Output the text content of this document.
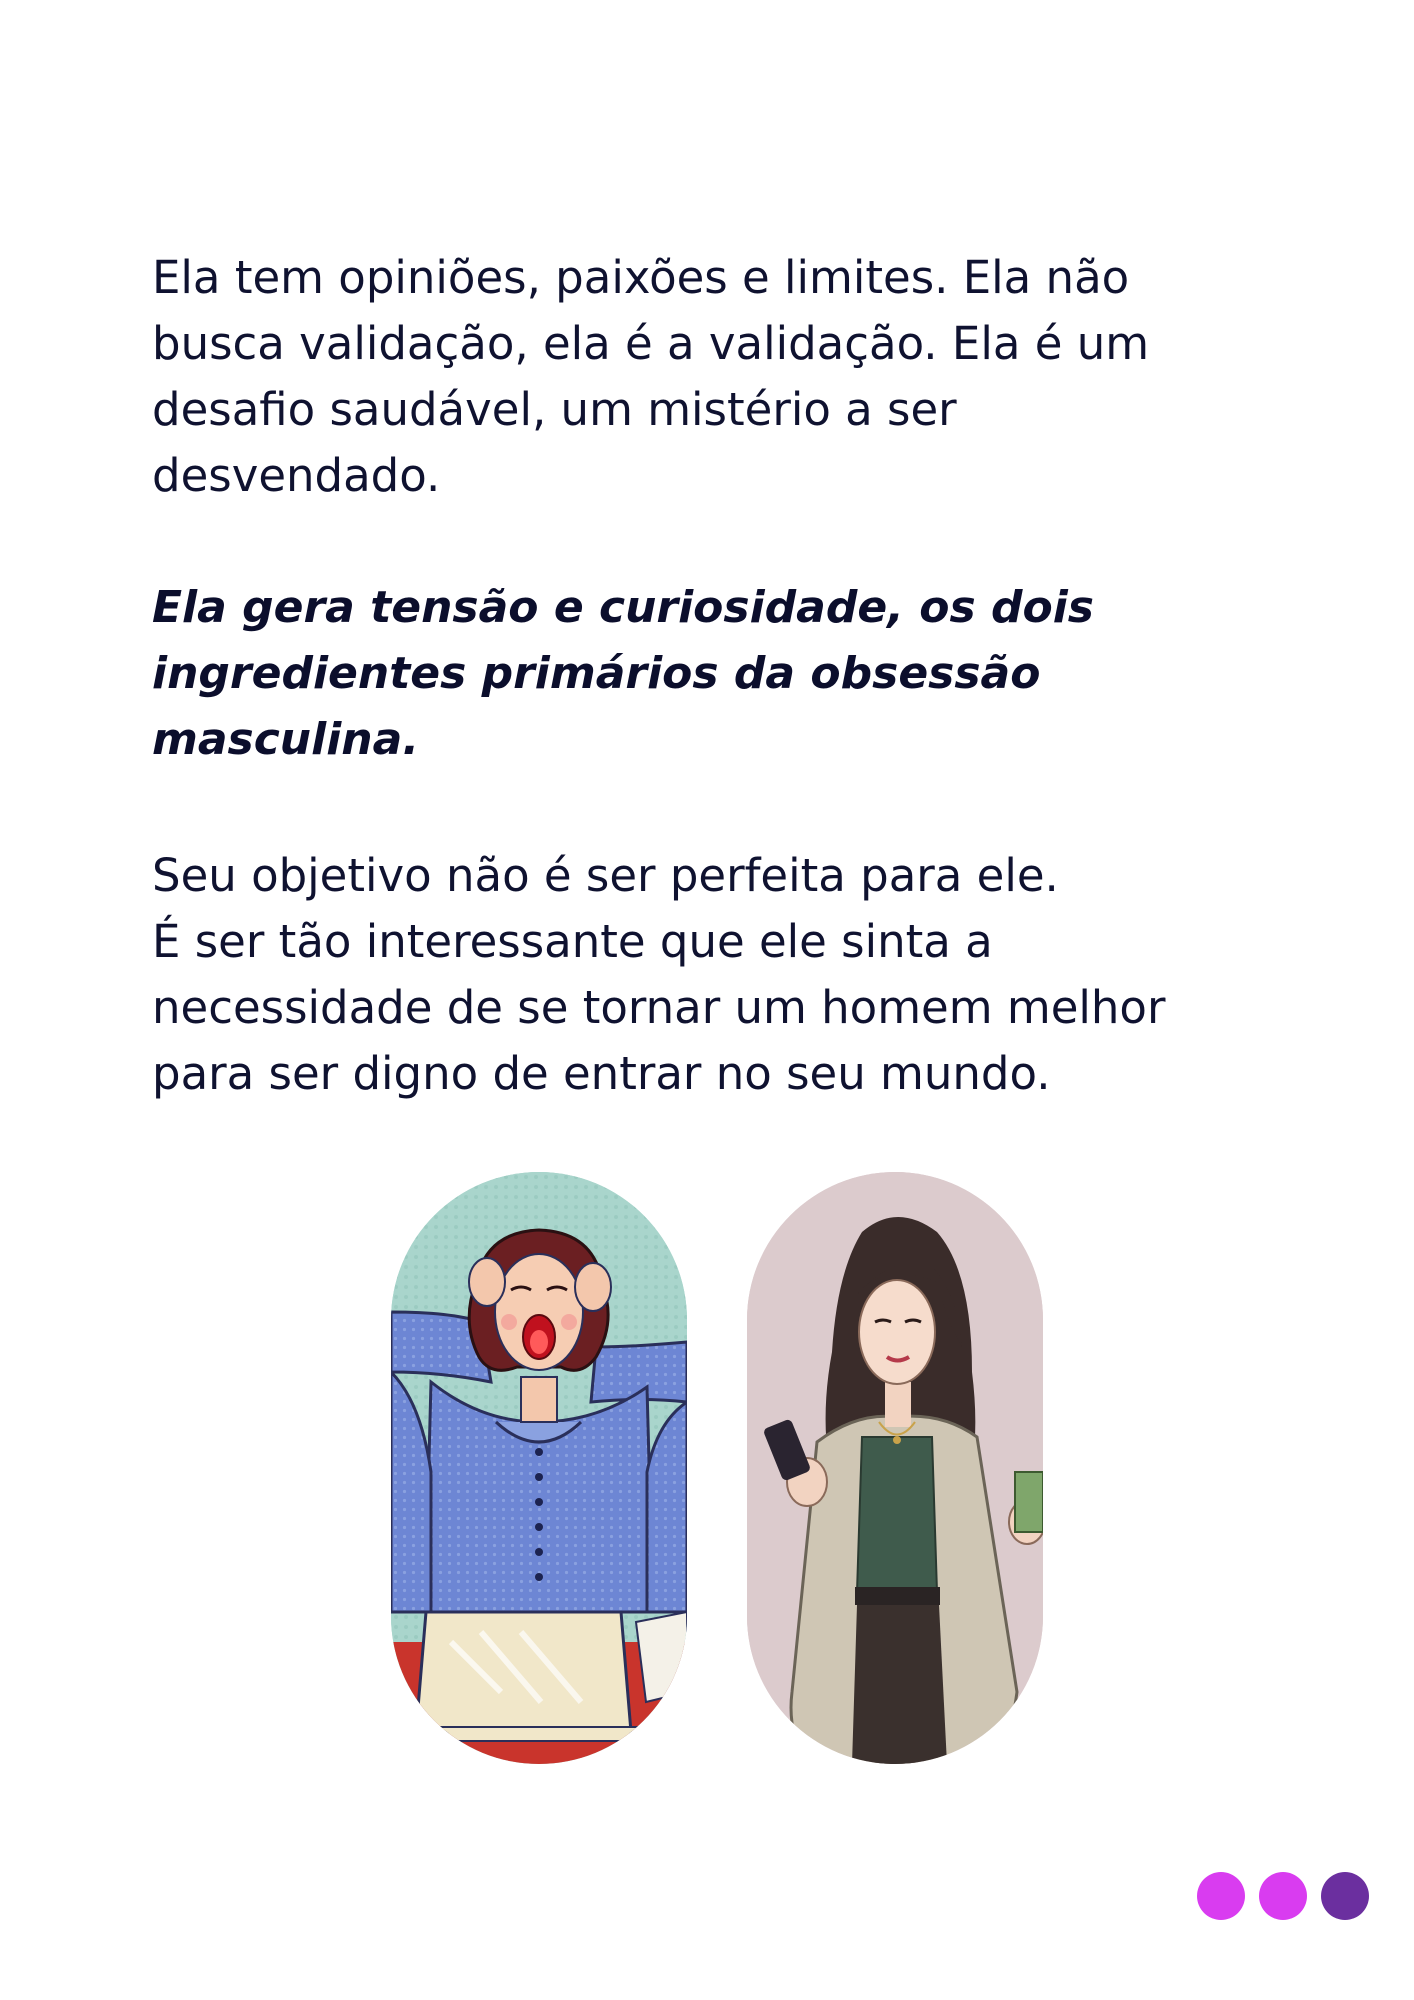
Ela tem opiniões, paixões e limites. Ela não
busca validação, ela é a validação. Ela é um
desafio saudável, um mistério a ser
desvendado.
Ela gera tensão e curiosidade, os dois
ingredientes primários da obsessão
masculina.
Seu objetivo não é ser perfeita para ele.
É ser tão interessante que ele sinta a
necessidade de se tornar um homem melhor
para ser digno de entrar no seu mundo.
